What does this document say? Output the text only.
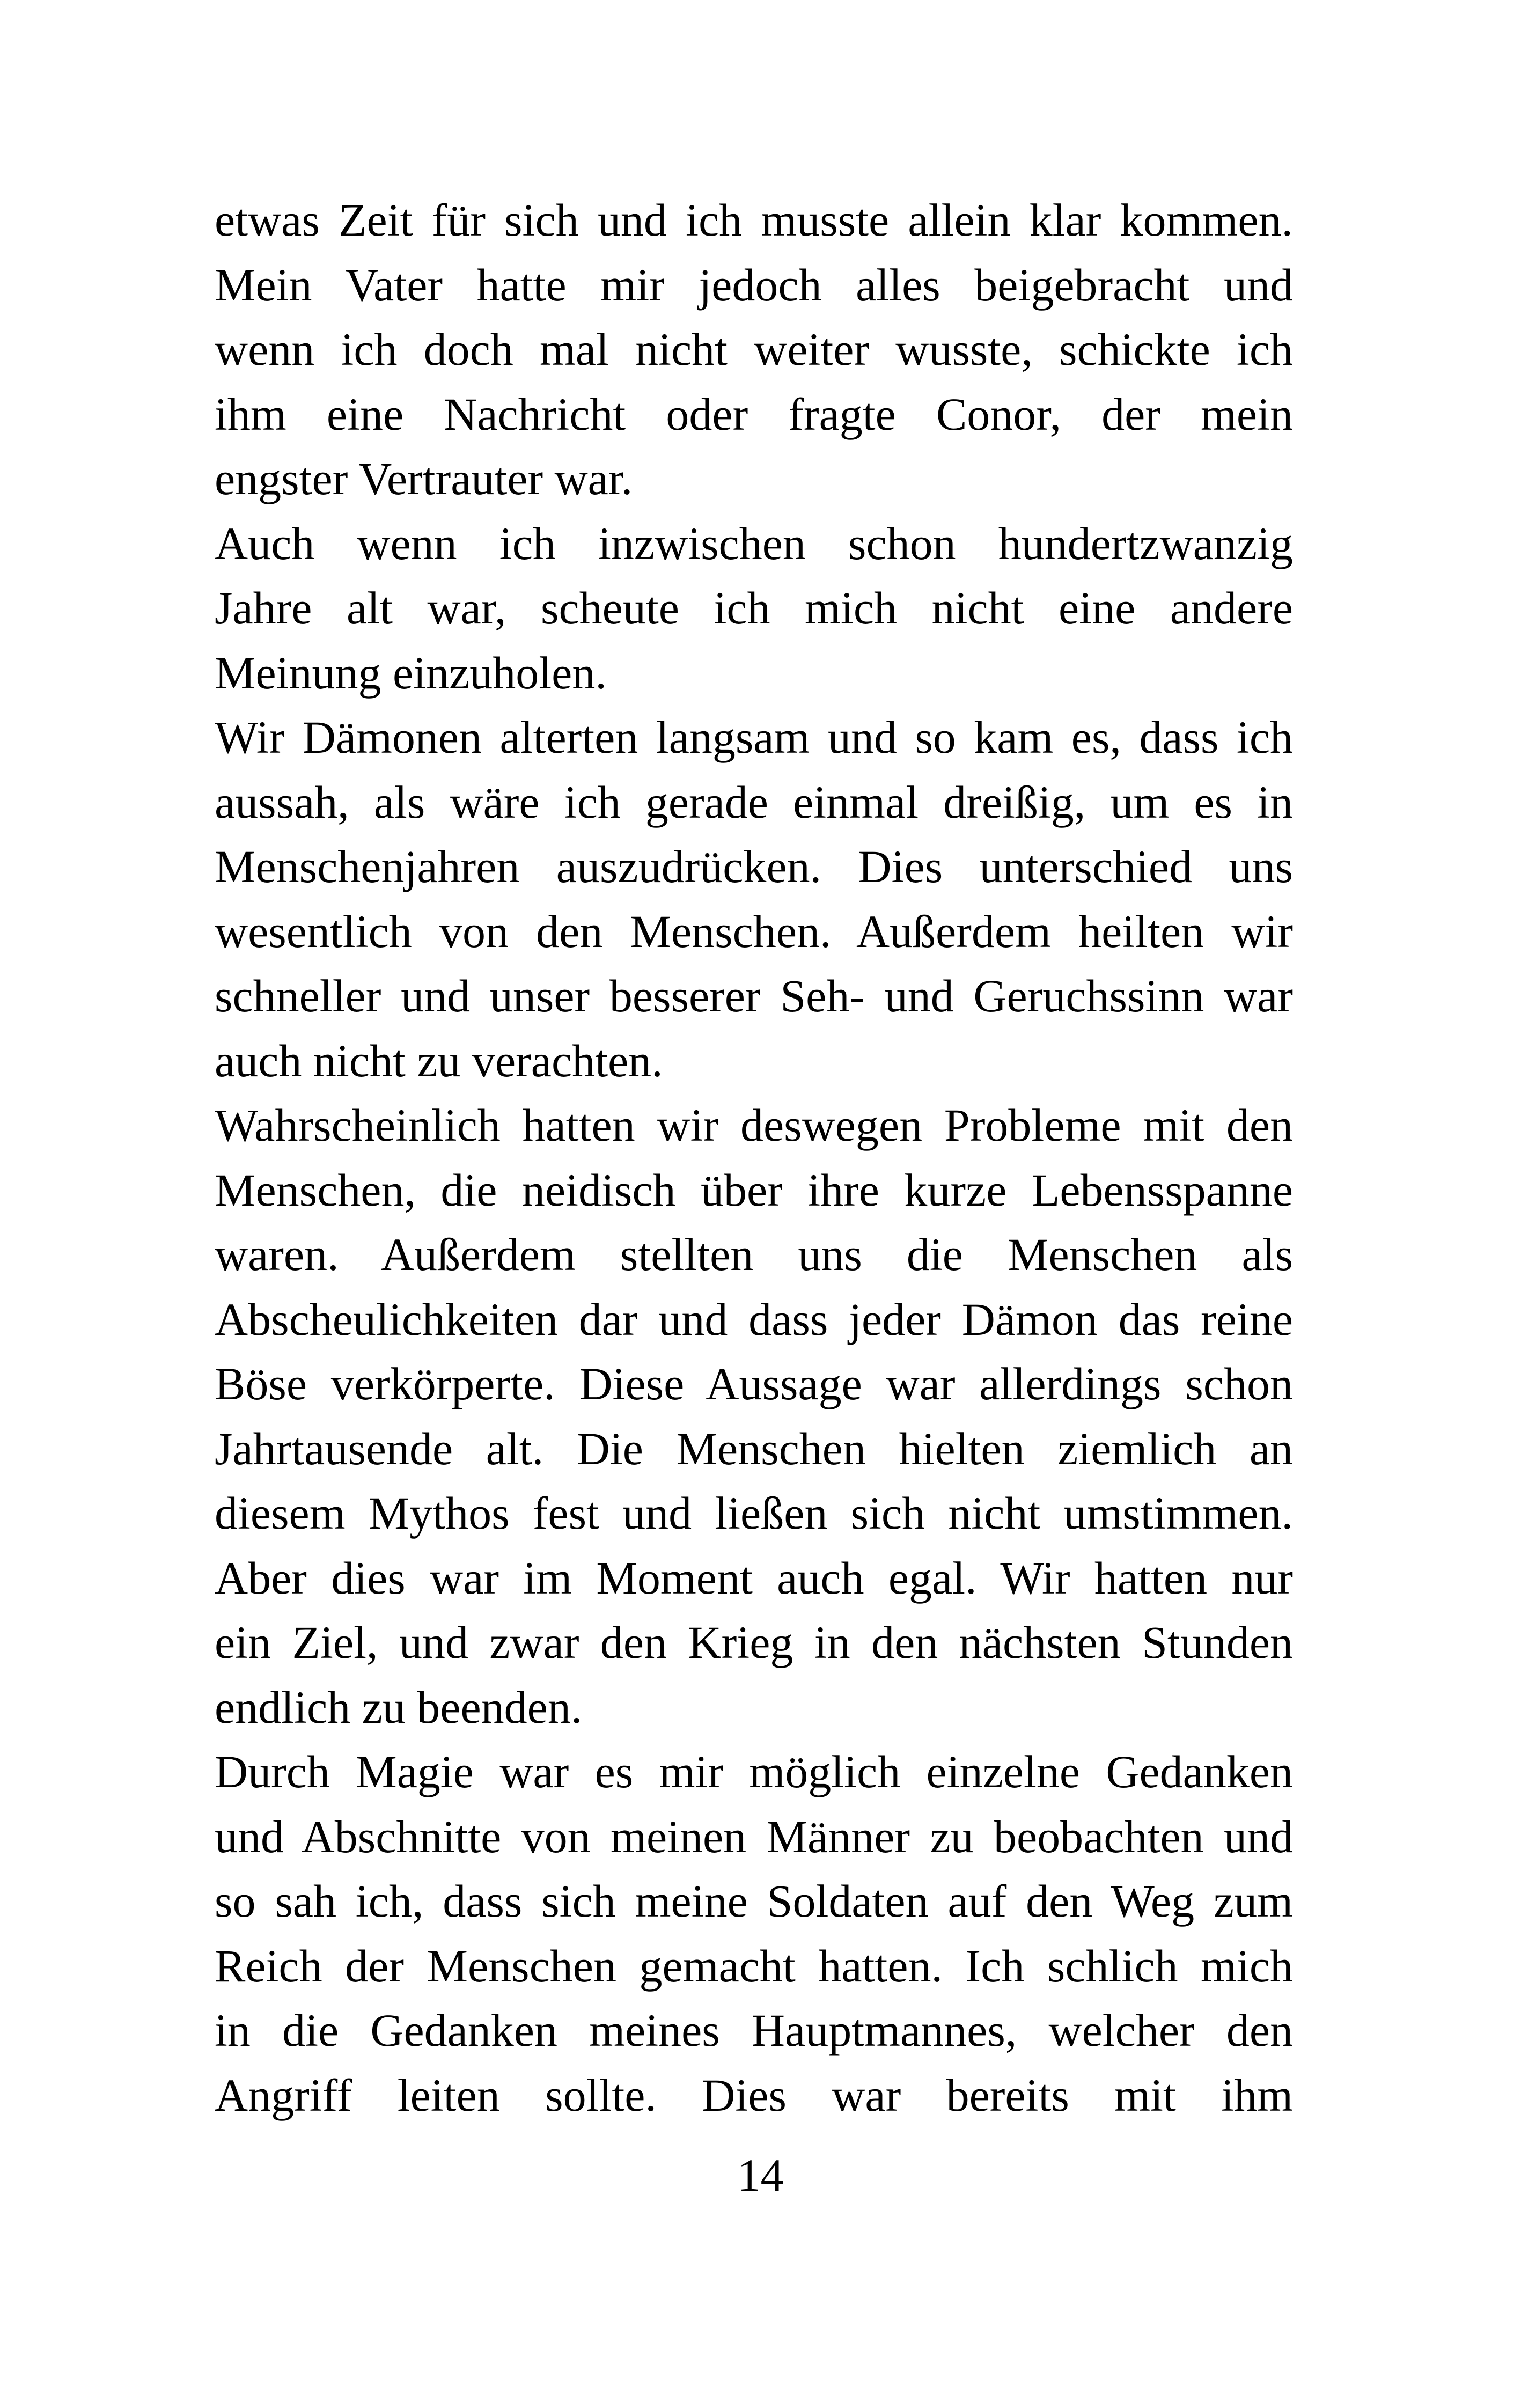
etwas Zeit für sich und ich musste allein klar kommen.
Mein Vater hatte mir jedoch alles beigebracht und
wenn ich doch mal nicht weiter wusste, schickte ich
ihm eine Nachricht oder fragte Conor, der mein
engster Vertrauter war.
Auch wenn ich inzwischen schon hundertzwanzig
Jahre alt war, scheute ich mich nicht eine andere
Meinung einzuholen.
Wir Dämonen alterten langsam und so kam es, dass ich
aussah, als wäre ich gerade einmal dreißig, um es in
Menschenjahren auszudrücken. Dies unterschied uns
wesentlich von den Menschen. Außerdem heilten wir
schneller und unser besserer Seh- und Geruchssinn war
auch nicht zu verachten.
Wahrscheinlich hatten wir deswegen Probleme mit den
Menschen, die neidisch über ihre kurze Lebensspanne
waren. Außerdem stellten uns die Menschen als
Abscheulichkeiten dar und dass jeder Dämon das reine
Böse verkörperte. Diese Aussage war allerdings schon
Jahrtausende alt. Die Menschen hielten ziemlich an
diesem Mythos fest und ließen sich nicht umstimmen.
Aber dies war im Moment auch egal. Wir hatten nur
ein Ziel, und zwar den Krieg in den nächsten Stunden
endlich zu beenden.
Durch Magie war es mir möglich einzelne Gedanken
und Abschnitte von meinen Männer zu beobachten und
so sah ich, dass sich meine Soldaten auf den Weg zum
Reich der Menschen gemacht hatten. Ich schlich mich
in die Gedanken meines Hauptmannes, welcher den
Angriff leiten sollte. Dies war bereits mit ihm
14
